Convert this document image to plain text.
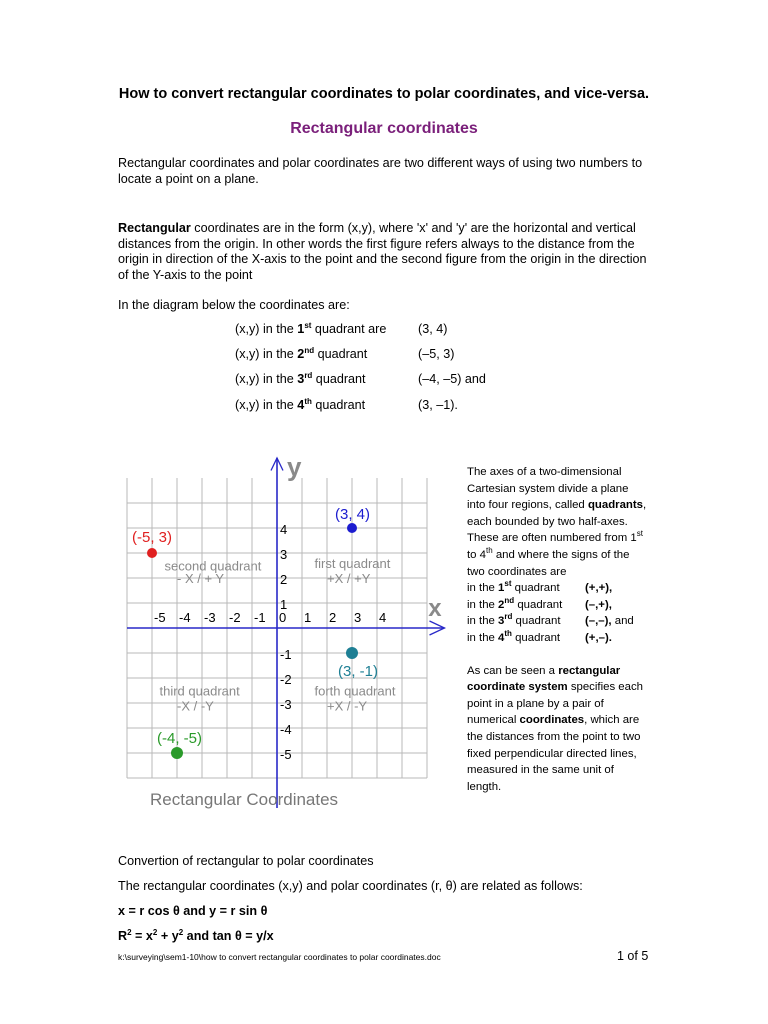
How to convert rectangular coordinates to polar coordinates, and vice-versa.
Rectangular coordinates
Rectangular coordinates and polar coordinates are two different ways of using two numbers to locate a point on a plane.
Rectangular coordinates are in the form (x,y), where 'x' and 'y' are the horizontal and vertical distances from the origin. In other words the first figure refers always to the distance from the origin in direction of the X-axis to the point and the second figure from the origin in the direction of the Y-axis to the point
In the diagram below the coordinates are:
(x,y) in the 1st quadrant are	(3, 4)
(x,y) in the 2nd quadrant	(–5, 3)
(x,y) in the 3rd quadrant	(–4, –5) and
(x,y) in the 4th quadrant	(3, –1).
y
x
-5 -4 -3 -2 -1 0 1 2 3 4
4
3
2
1
-1
-2
-3
-4
-5
second quadrant
- X / + Y
first quadrant
+X / +Y
third quadrant
-X / -Y
forth quadrant
+X / -Y
(3, 4)
(-5, 3)
(3, -1)
(-4, -5)
Rectangular Coordinates
The axes of a two-dimensional Cartesian system divide a plane into four regions, called quadrants, each bounded by two half-axes. These are often numbered from 1st to 4th and where the signs of the two coordinates are
in the 1st quadrant (+,+),
in the 2nd quadrant (–,+),
in the 3rd quadrant (–,–), and
in the 4th quadrant (+,–).
As can be seen a rectangular coordinate system specifies each point in a plane by a pair of numerical coordinates, which are the distances from the point to two fixed perpendicular directed lines, measured in the same unit of length.
Convertion of rectangular to polar coordinates
The rectangular coordinates (x,y) and polar coordinates (r, θ) are related as follows:
x = r cos θ and y = r sin θ
$R^2 = x^2 + y^2$ and tan θ = y/x
k:\surveying\sem1-10\how to convert rectangular coordinates to polar coordinates.doc	1 of 5
